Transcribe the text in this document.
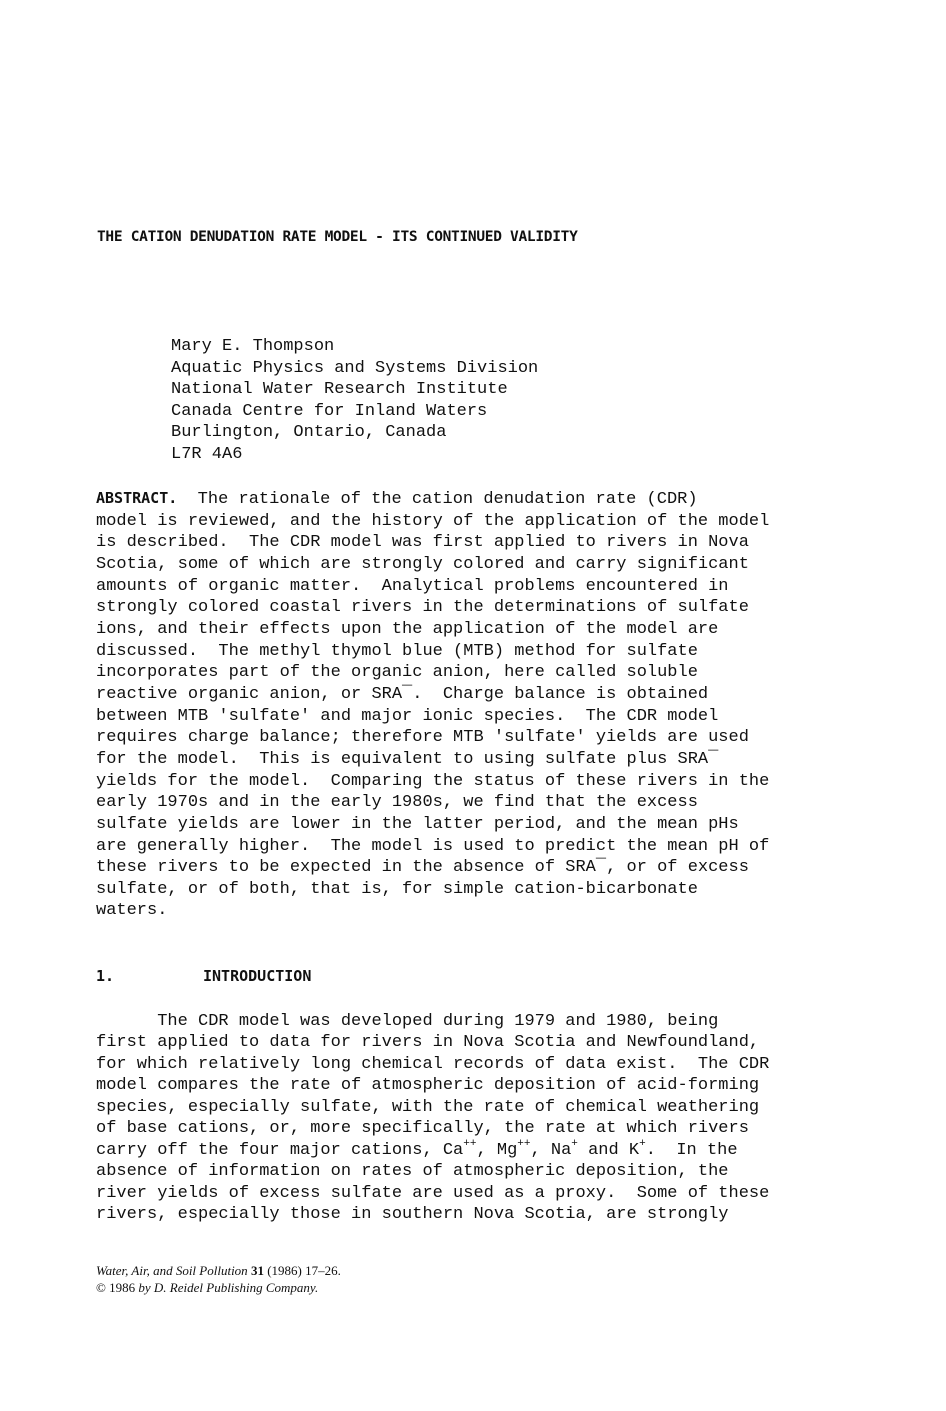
THE CATION DENUDATION RATE MODEL - ITS CONTINUED VALIDITY
Mary E. Thompson
Aquatic Physics and Systems Division
National Water Research Institute
Canada Centre for Inland Waters
Burlington, Ontario, Canada
L7R 4A6
ABSTRACT.  The rationale of the cation denudation rate (CDR)
model is reviewed, and the history of the application of the model
is described.  The CDR model was first applied to rivers in Nova
Scotia, some of which are strongly colored and carry significant
amounts of organic matter.  Analytical problems encountered in
strongly colored coastal rivers in the determinations of sulfate
ions, and their effects upon the application of the model are
discussed.  The methyl thymol blue (MTB) method for sulfate
incorporates part of the organic anion, here called soluble
reactive organic anion, or SRA¯.  Charge balance is obtained
between MTB 'sulfate' and major ionic species.  The CDR model
requires charge balance; therefore MTB 'sulfate' yields are used
for the model.  This is equivalent to using sulfate plus SRA¯
yields for the model.  Comparing the status of these rivers in the
early 1970s and in the early 1980s, we find that the excess
sulfate yields are lower in the latter period, and the mean pHs
are generally higher.  The model is used to predict the mean pH of
these rivers to be expected in the absence of SRA¯, or of excess
sulfate, or of both, that is, for simple cation-bicarbonate
waters.
1.	INTRODUCTION
The CDR model was developed during 1979 and 1980, being
first applied to data for rivers in Nova Scotia and Newfoundland,
for which relatively long chemical records of data exist.  The CDR
model compares the rate of atmospheric deposition of acid-forming
species, especially sulfate, with the rate of chemical weathering
of base cations, or, more specifically, the rate at which rivers
carry off the four major cations, Ca++, Mg++, Na+ and K+.  In the
absence of information on rates of atmospheric deposition, the
river yields of excess sulfate are used as a proxy.  Some of these
rivers, especially those in southern Nova Scotia, are strongly
Water, Air, and Soil Pollution 31 (1986) 17–26.
© 1986 by D. Reidel Publishing Company.
